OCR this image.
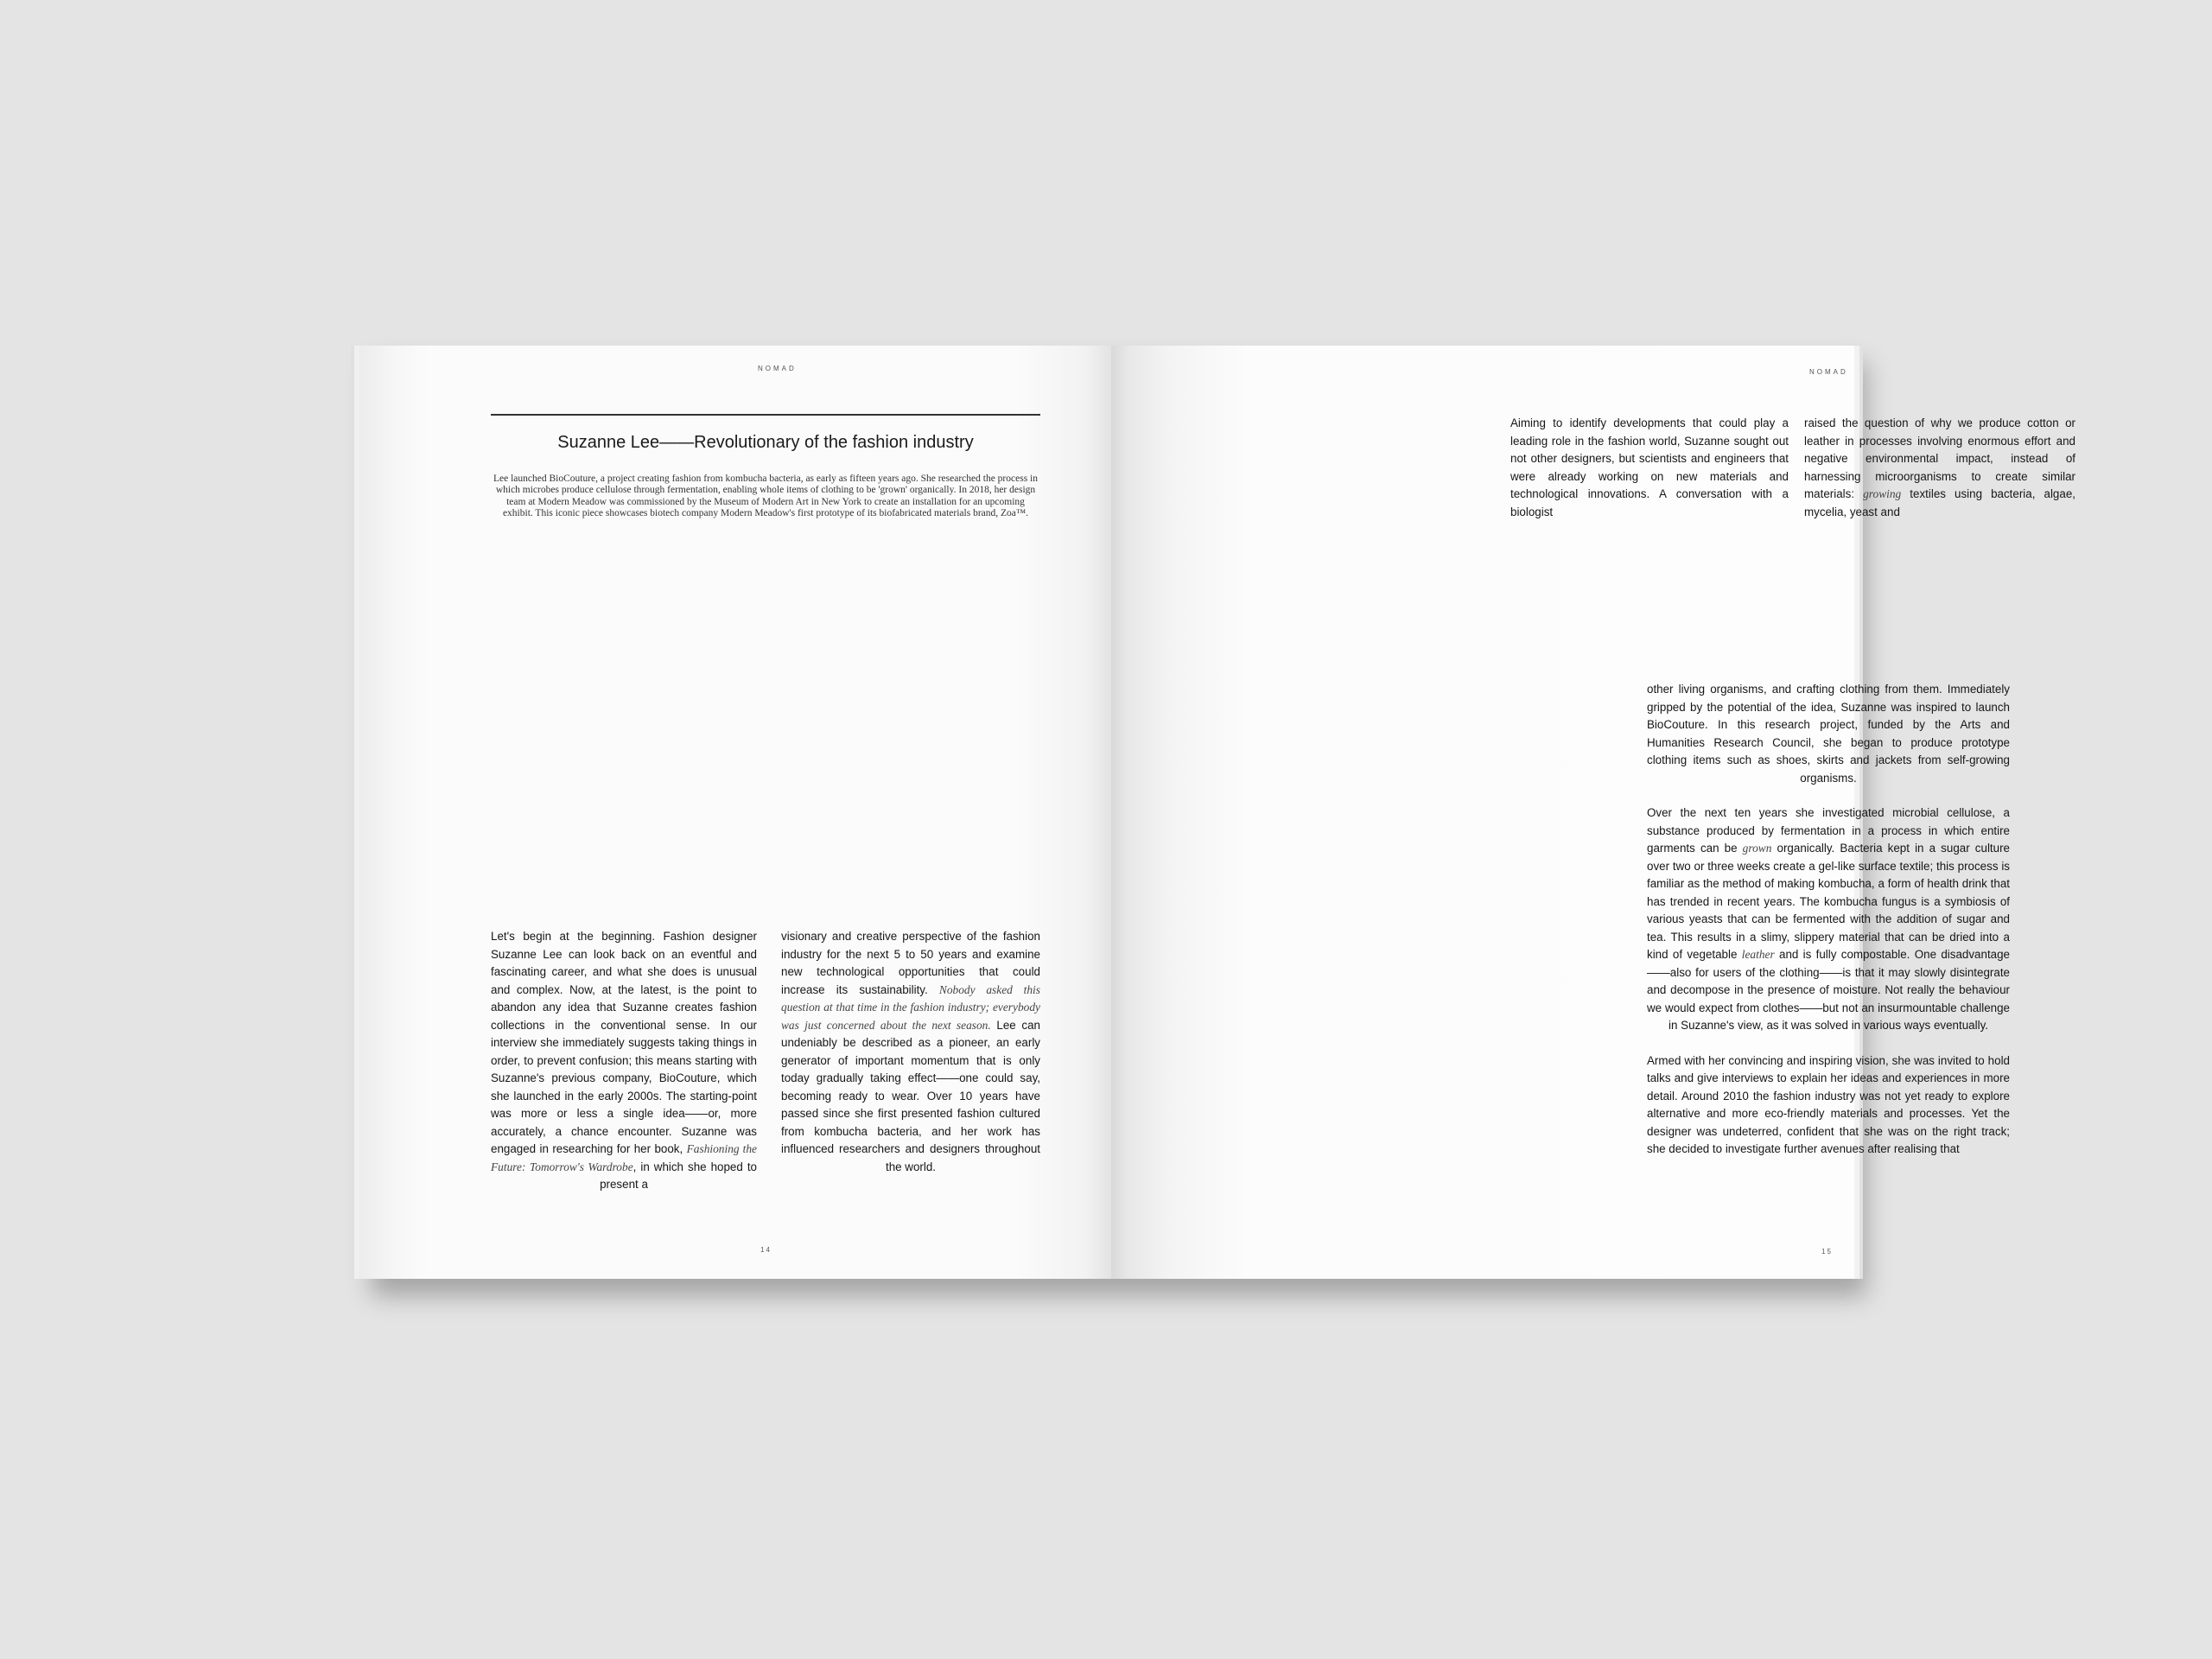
NOMAD
Suzanne Lee——Revolutionary of the fashion industry
Lee launched BioCouture, a project creating fashion from kombucha bacteria, as early as fifteen years ago. She researched the process in which microbes produce cellulose through fermentation, enabling whole items of clothing to be 'grown' organically. In 2018, her design team at Modern Meadow was commissioned by the Museum of Modern Art in New York to create an installation for an upcoming exhibit. This iconic piece showcases biotech company Modern Meadow's first prototype of its biofabricated materials brand, Zoa™.

Let's begin at the beginning. Fashion designer Suzanne Lee can look back on an eventful and fascinating career, and what she does is unusual and complex. Now, at the latest, is the point to abandon any idea that Suzanne creates fashion collections in the conventional sense. In our interview she immediately suggests taking things in order, to prevent confusion; this means starting with Suzanne's previous company, BioCouture, which she launched in the early 2000s. The starting-point was more or less a single idea——or, more accurately, a chance encounter. Suzanne was engaged in researching for her book, Fashioning the Future: Tomorrow's Wardrobe, in which she hoped to present a

visionary and creative perspective of the fashion industry for the next 5 to 50 years and examine new technological opportunities that could increase its sustainability. Nobody asked this question at that time in the fashion industry; everybody was just concerned about the next season. Lee can undeniably be described as a pioneer, an early generator of important momentum that is only today gradually taking effect——one could say, becoming ready to wear. Over 10 years have passed since she first presented fashion cultured from kombucha bacteria, and her work has influenced researchers and designers throughout the world.

14
NOMAD

Aiming to identify developments that could play a leading role in the fashion world, Suzanne sought out not other designers, but scientists and engineers that were already working on new materials and technological innovations. A conversation with a biologist

raised the question of why we produce cotton or leather in processes involving enormous effort and negative environmental impact, instead of harnessing microorganisms to create similar materials: growing textiles using bacteria, algae, mycelia, yeast and

other living organisms, and crafting clothing from them. Immediately gripped by the potential of the idea, Suzanne was inspired to launch BioCouture. In this research project, funded by the Arts and Humanities Research Council, she began to produce prototype clothing items such as shoes, skirts and jackets from self-growing organisms.

Over the next ten years she investigated microbial cellulose, a substance produced by fermentation in a process in which entire garments can be grown organically. Bacteria kept in a sugar culture over two or three weeks create a gel-like surface textile; this process is familiar as the method of making kombucha, a form of health drink that has trended in recent years. The kombucha fungus is a symbiosis of various yeasts that can be fermented with the addition of sugar and tea. This results in a slimy, slippery material that can be dried into a kind of vegetable leather and is fully compostable. One disadvantage——also for users of the clothing——is that it may slowly disintegrate and decompose in the presence of moisture. Not really the behaviour we would expect from clothes——but not an insurmountable challenge in Suzanne's view, as it was solved in various ways eventually.

Armed with her convincing and inspiring vision, she was invited to hold talks and give interviews to explain her ideas and experiences in more detail. Around 2010 the fashion industry was not yet ready to explore alternative and more eco-friendly materials and processes. Yet the designer was undeterred, confident that she was on the right track; she decided to investigate further avenues after realising that

15
